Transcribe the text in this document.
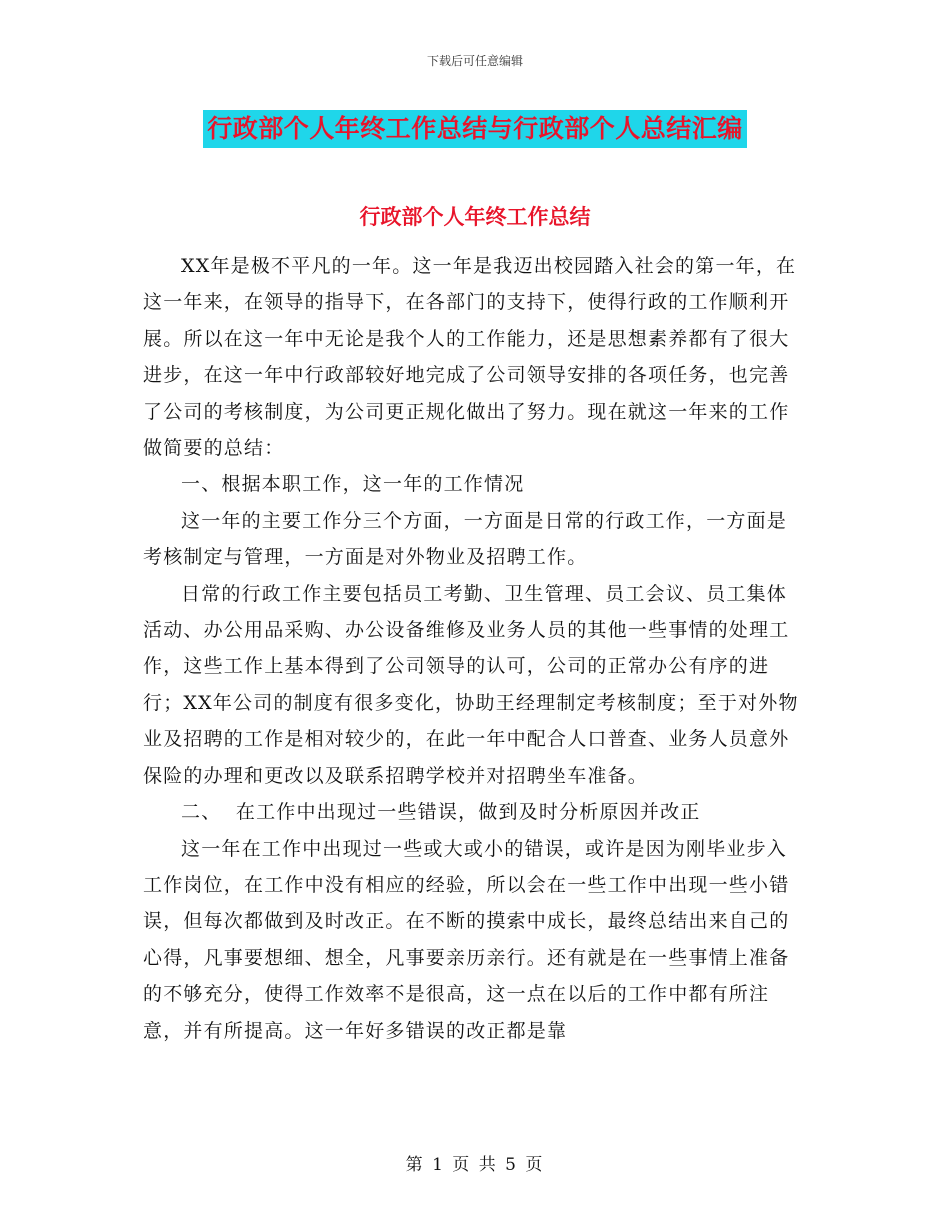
下载后可任意编辑
行政部个人年终工作总结与行政部个人总结汇编
行政部个人年终工作总结

XX年是极不平凡的一年。这一年是我迈出校园踏入社会的第一年，在这一年来，在领导的指导下，在各部门的支持下，使得行政的工作顺利开展。所以在这一年中无论是我个人的工作能力，还是思想素养都有了很大进步，在这一年中行政部较好地完成了公司领导安排的各项任务，也完善了公司的考核制度，为公司更正规化做出了努力。现在就这一年来的工作做简要的总结：

一、根据本职工作，这一年的工作情况

这一年的主要工作分三个方面，一方面是日常的行政工作，一方面是考核制定与管理，一方面是对外物业及招聘工作。

日常的行政工作主要包括员工考勤、卫生管理、员工会议、员工集体活动、办公用品采购、办公设备维修及业务人员的其他一些事情的处理工作，这些工作上基本得到了公司领导的认可，公司的正常办公有序的进行；XX年公司的制度有很多变化，协助王经理制定考核制度；至于对外物业及招聘的工作是相对较少的，在此一年中配合人口普查、业务人员意外保险的办理和更改以及联系招聘学校并对招聘坐车准备。

二、  在工作中出现过一些错误，做到及时分析原因并改正

这一年在工作中出现过一些或大或小的错误，或许是因为刚毕业步入工作岗位，在工作中没有相应的经验，所以会在一些工作中出现一些小错误，但每次都做到及时改正。在不断的摸索中成长，最终总结出来自己的心得，凡事要想细、想全，凡事要亲历亲行。还有就是在一些事情上准备的不够充分，使得工作效率不是很高，这一点在以后的工作中都有所注意，并有所提高。这一年好多错误的改正都是靠

第 1 页 共 5 页
